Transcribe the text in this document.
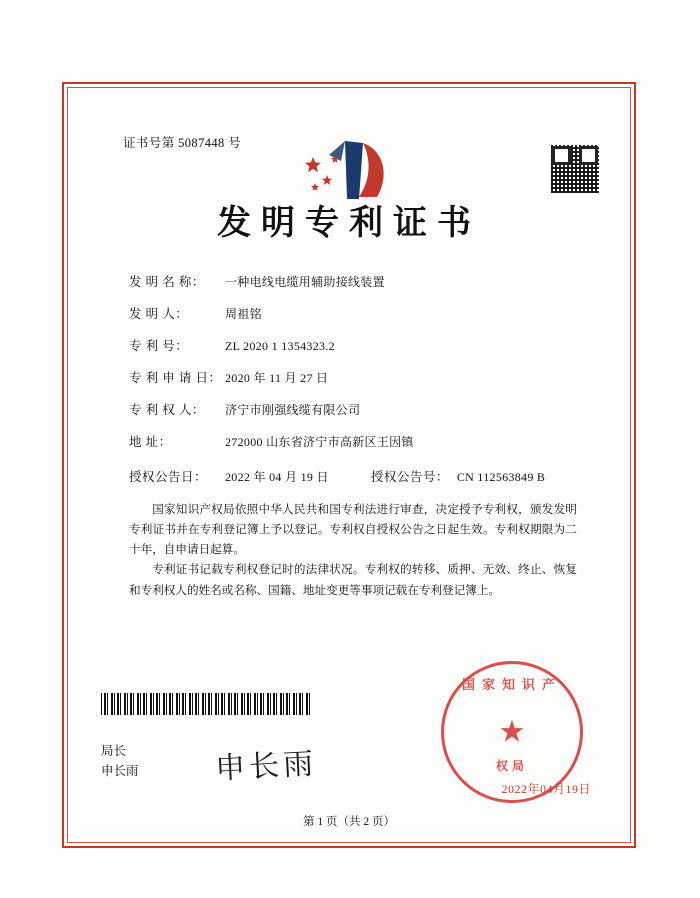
证书号第 5087448 号
发明专利证书
发 明 名 称：	一种电线电缆用辅助接线装置
发 明 人：	周祖铭
专 利 号：	ZL 2020 1 1354323.2
专 利 申 请 日： 2020 年 11 月 27 日
专 利 权 人：	济宁市刚强线缆有限公司
地 址：	272000 山东省济宁市高新区王因镇
授权公告日：	2022 年 04 月 19 日	授权公告号： CN 112563849 B

国家知识产权局依照中华人民共和国专利法进行审查，决定授予专利权，颁发发明专利证书并在专利登记簿上予以登记。专利权自授权公告之日起生效。专利权期限为二十年，自申请日起算。

专利证书记载专利权登记时的法律状况。专利权的转移、质押、无效、终止、恢复和专利权人的姓名或名称、国籍、地址变更等事项记载在专利登记簿上。

局长
申长雨	申长雨
国家知识产
★
权局
2022年04月19日
第 1 页（共 2 页）
